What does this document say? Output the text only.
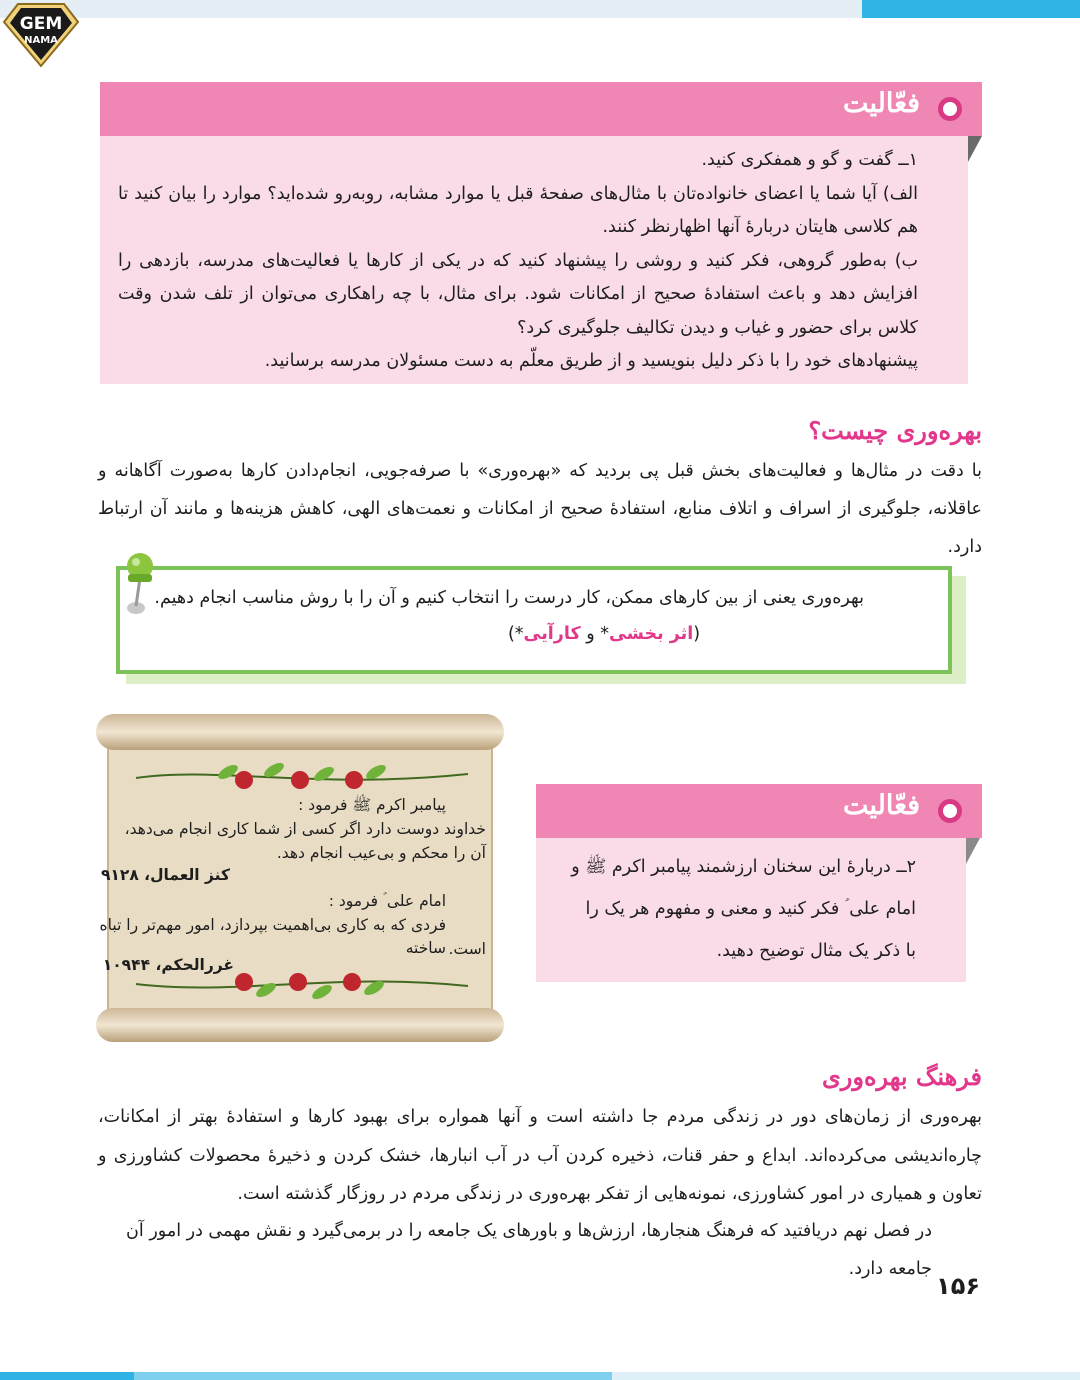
GEM
NAMA
فعّالیت

۱ــ گفت و گو و همفکری کنید.

الف) آیا شما یا اعضای خانواده‌تان با مثال‌های صفحهٔ قبل یا موارد مشابه، روبه‌رو شده‌اید؟ موارد را بیان کنید تا هم کلاسی هایتان دربارهٔ آنها اظهارنظر کنند.

ب) به‌طور گروهی، فکر کنید و روشی را پیشنهاد کنید که در یکی از کارها یا فعالیت‌های مدرسه، بازدهی را افزایش دهد و باعث استفادهٔ صحیح از امکانات شود. برای مثال، با چه راهکاری می‌توان از تلف شدن وقت کلاس برای حضور و غیاب و دیدن تکالیف جلوگیری کرد؟

پیشنهادهای خود را با ذکر دلیل بنویسید و از طریق معلّم به دست مسئولان مدرسه برسانید.

بهره‌وری چیست؟

با دقت در مثال‌ها و فعالیت‌های بخش قبل پی بردید که «بهره‌وری» با صرفه‌جویی، انجام‌دادن کارها به‌صورت آگاهانه و عاقلانه، جلوگیری از اسراف و اتلاف منابع، استفادهٔ صحیح از امکانات و نعمت‌های الهی، کاهش هزینه‌ها و مانند آن ارتباط دارد.

بهره‌وری یعنی از بین کارهای ممکن، کار درست را انتخاب کنیم و آن را با روش مناسب انجام دهیم.
(اثر بخشی* و کارآیی*)
پیامبر اکرم ﷺ فرمود :
خداوند دوست دارد اگر کسی از شما کاری انجام می‌دهد،
آن را محکم و بی‌عیب انجام دهد.
کنز العمال، ۹۱۲۸
امام علی ؑ فرمود :
فردی که به کاری بی‌اهمیت بپردازد، امور مهم‌تر را تباه ساخته است.
غررالحکم، ۱۰۹۴۴
فعّالیت

۲ــ دربارهٔ این سخنان ارزشمند پیامبر اکرم ﷺ و امام علی ؑ فکر کنید و معنی و مفهوم هر یک را با ذکر یک مثال توضیح دهید.

فرهنگ بهره‌وری

بهره‌وری از زمان‌های دور در زندگی مردم جا داشته است و آنها همواره برای بهبود کارها و استفادهٔ بهتر از امکانات، چاره‌اندیشی می‌کرده‌اند. ابداع و حفر قنات، ذخیره کردن آب در آب انبارها، خشک کردن و ذخیرهٔ محصولات کشاورزی و تعاون و همیاری در امور کشاورزی، نمونه‌هایی از تفکر بهره‌وری در زندگی مردم در روزگار گذشته است.

در فصل نهم دریافتید که فرهنگ هنجارها، ارزش‌ها و باورهای یک جامعه را در برمی‌گیرد و نقش مهمی در امور آن جامعه دارد.

۱۵۶
